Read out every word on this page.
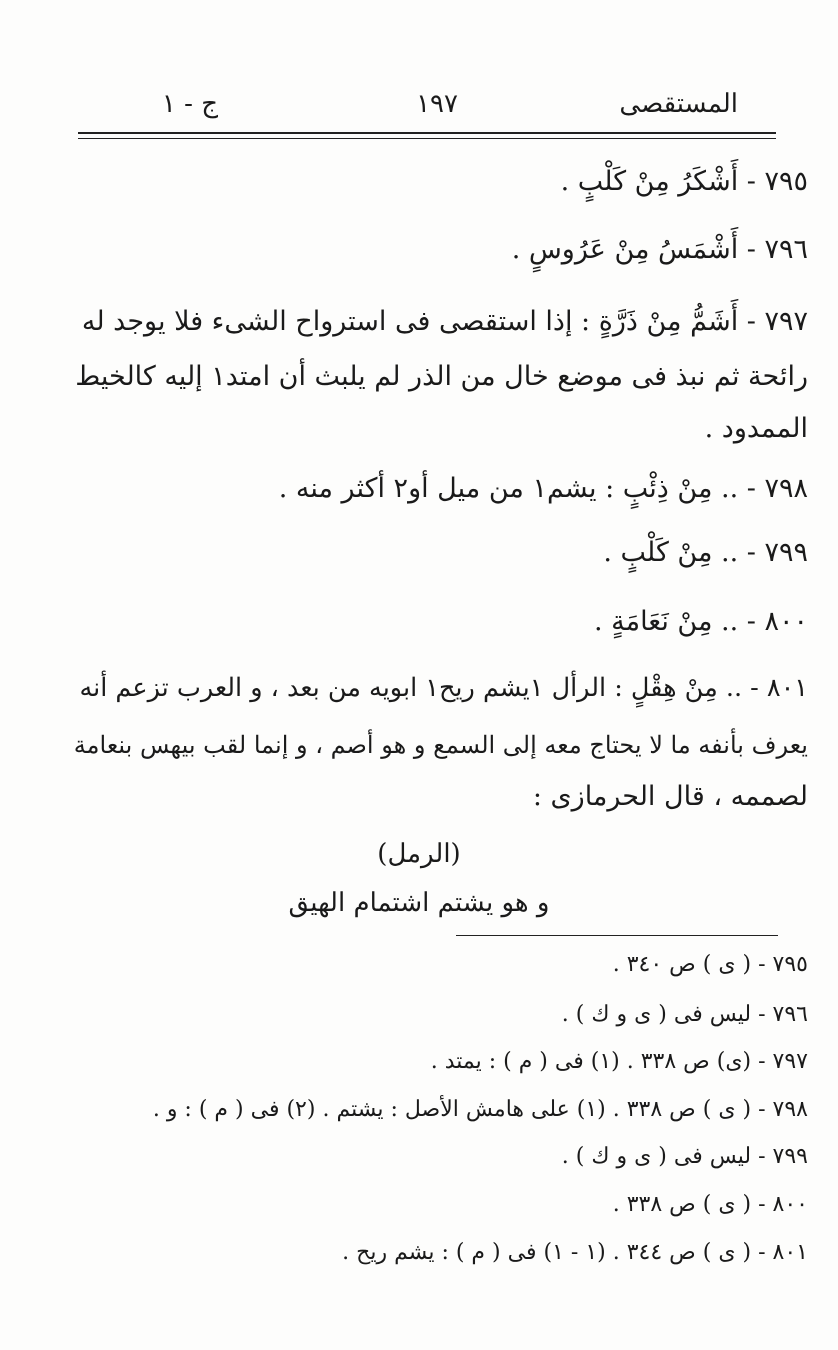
المستقصى
١٩٧
ج - ١
٧٩٥ - أَشْكَرُ مِنْ كَلْبٍ .
٧٩٦ - أَشْمَسُ مِنْ عَرُوسٍ .
٧٩٧ - أَشَمُّ مِنْ ذَرَّةٍ : إذا استقصى فى استرواح الشىء فلا يوجد له
رائحة ثم نبذ فى موضع خال من الذر لم يلبث أن امتد١ إليه كالخيط
الممدود .
٧٩٨ - .. مِنْ ذِئْبٍ : يشم١ من ميل أو٢ أكثر منه .
٧٩٩ - .. مِنْ كَلْبٍ .
٨٠٠ - .. مِنْ نَعَامَةٍ .
٨٠١ - .. مِنْ هِقْلٍ : الرأل ١يشم ريح١ ابويه من بعد ، و العرب تزعم أنه
يعرف بأنفه ما لا يحتاج معه إلى السمع و هو أصم ، و إنما لقب بيهس بنعامة
لصممه ، قال الحرمازى :
(الرمل)
و هو يشتم اشتمام الهيق
٧٩٥ - ( ى ) ص ٣٤٠ .
٧٩٦ - ليس فى ( ى و ك ) .
٧٩٧ - (ى) ص ٣٣٨ . (١) فى ( م ) : يمتد .
٧٩٨ - ( ى ) ص ٣٣٨ . (١) على هامش الأصل : يشتم . (٢) فى ( م ) : و .
٧٩٩ - ليس فى ( ى و ك ) .
٨٠٠ - ( ى ) ص ٣٣٨ .
٨٠١ - ( ى ) ص ٣٤٤ . (١ - ١) فى ( م ) : يشم ريح .
